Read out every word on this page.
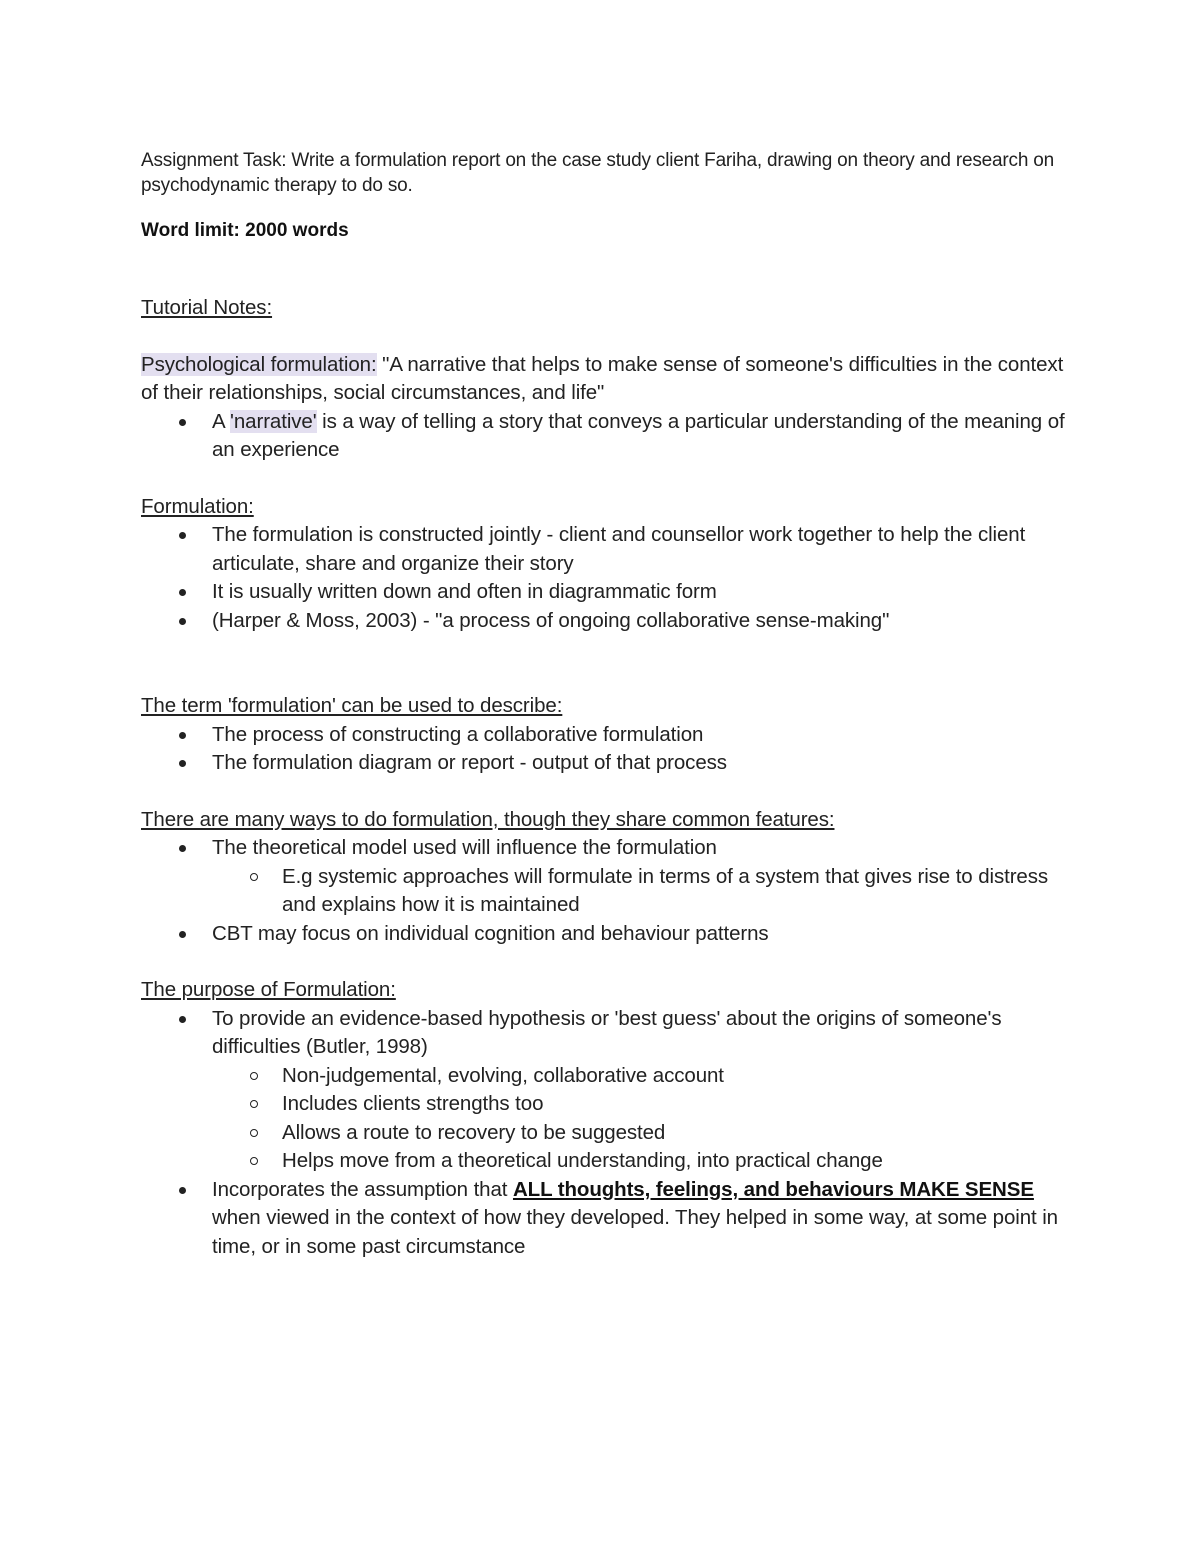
Assignment Task: Write a formulation report on the case study client Fariha, drawing on theory and research on psychodynamic therapy to do so.

Word limit: 2000 words

Tutorial Notes:

Psychological formulation: "A narrative that helps to make sense of someone's difficulties in the context of their relationships, social circumstances, and life"

A 'narrative' is a way of telling a story that conveys a particular understanding of the meaning of an experience

Formulation:

The formulation is constructed jointly - client and counsellor work together to help the client articulate, share and organize their story
It is usually written down and often in diagrammatic form
(Harper & Moss, 2003) - "a process of ongoing collaborative sense-making"

The term 'formulation' can be used to describe:

The process of constructing a collaborative formulation
The formulation diagram or report - output of that process

There are many ways to do formulation, though they share common features:

The theoretical model used will influence the formulation
E.g systemic approaches will formulate in terms of a system that gives rise to distress and explains how it is maintained
CBT may focus on individual cognition and behaviour patterns

The purpose of Formulation:

To provide an evidence-based hypothesis or 'best guess' about the origins of someone's difficulties (Butler, 1998)
Non-judgemental, evolving, collaborative account
Includes clients strengths too
Allows a route to recovery to be suggested
Helps move from a theoretical understanding, into practical change
Incorporates the assumption that ALL thoughts, feelings, and behaviours MAKE SENSE when viewed in the context of how they developed. They helped in some way, at some point in time, or in some past circumstance
